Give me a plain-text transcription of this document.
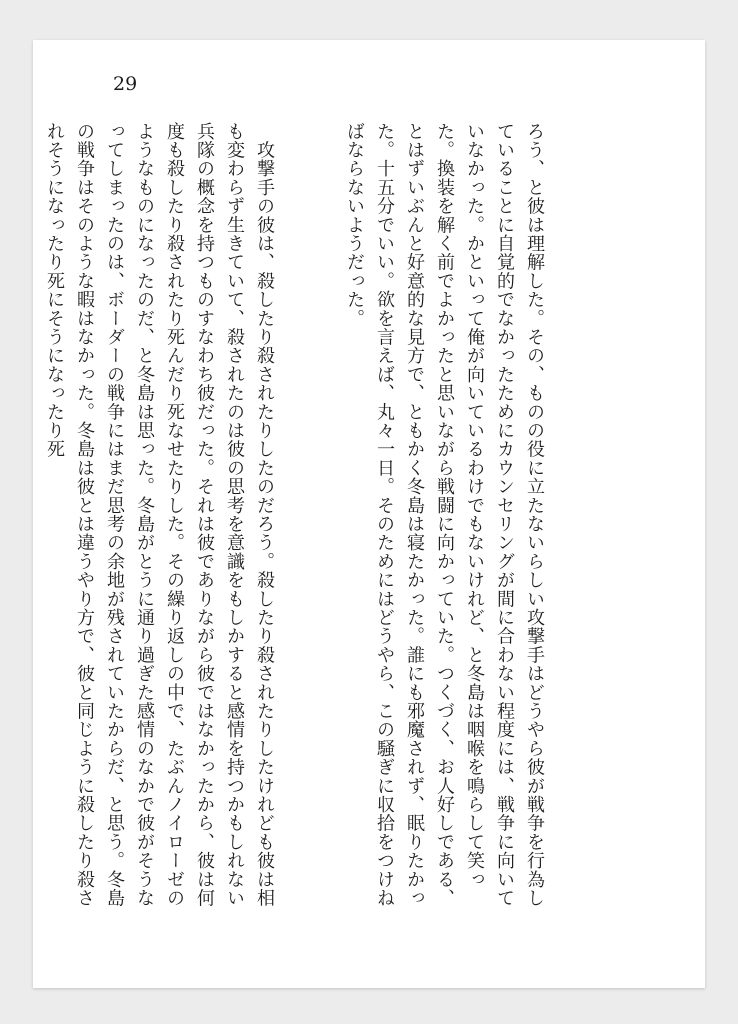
29

ろう、と彼は理解した。その、ものの役に立たないらしい攻撃手はどうやら彼が戦争を行為していることに自覚的でなかったためにカウンセリングが間に合わない程度には、戦争に向いていなかった。かといって俺が向いているわけでもないけれど、と冬島は咽喉を鳴らして笑った。換装を解く前でよかったと思いながら戦闘に向かっていた。つくづく、お人好しである、とはずいぶんと好意的な見方で、ともかく冬島は寝たかった。誰にも邪魔されず、眠りたかった。十五分でいい。欲を言えば、丸々一日。そのためにはどうやら、この騒ぎに収拾をつけねばならないようだった。

　攻撃手の彼は、殺したり殺されたりしたのだろう。殺したり殺されたりしたけれども彼は相も変わらず生きていて、殺されたのは彼の思考を意識をもしかすると感情を持つかもしれない兵隊の概念を持つものすなわち彼だった。それは彼でありながら彼ではなかったから、彼は何度も殺したり殺されたり死んだり死なせたりした。その繰り返しの中で、たぶんノイローゼのようなものになったのだ、と冬島は思った。冬島がとうに通り過ぎた感情のなかで彼がそうなってしまったのは、ボーダーの戦争にはまだ思考の余地が残されていたからだ、と思う。冬島の戦争はそのような暇はなかった。冬島は彼とは違うやり方で、彼と同じように殺したり殺されそうになったり死にそうになったり死
